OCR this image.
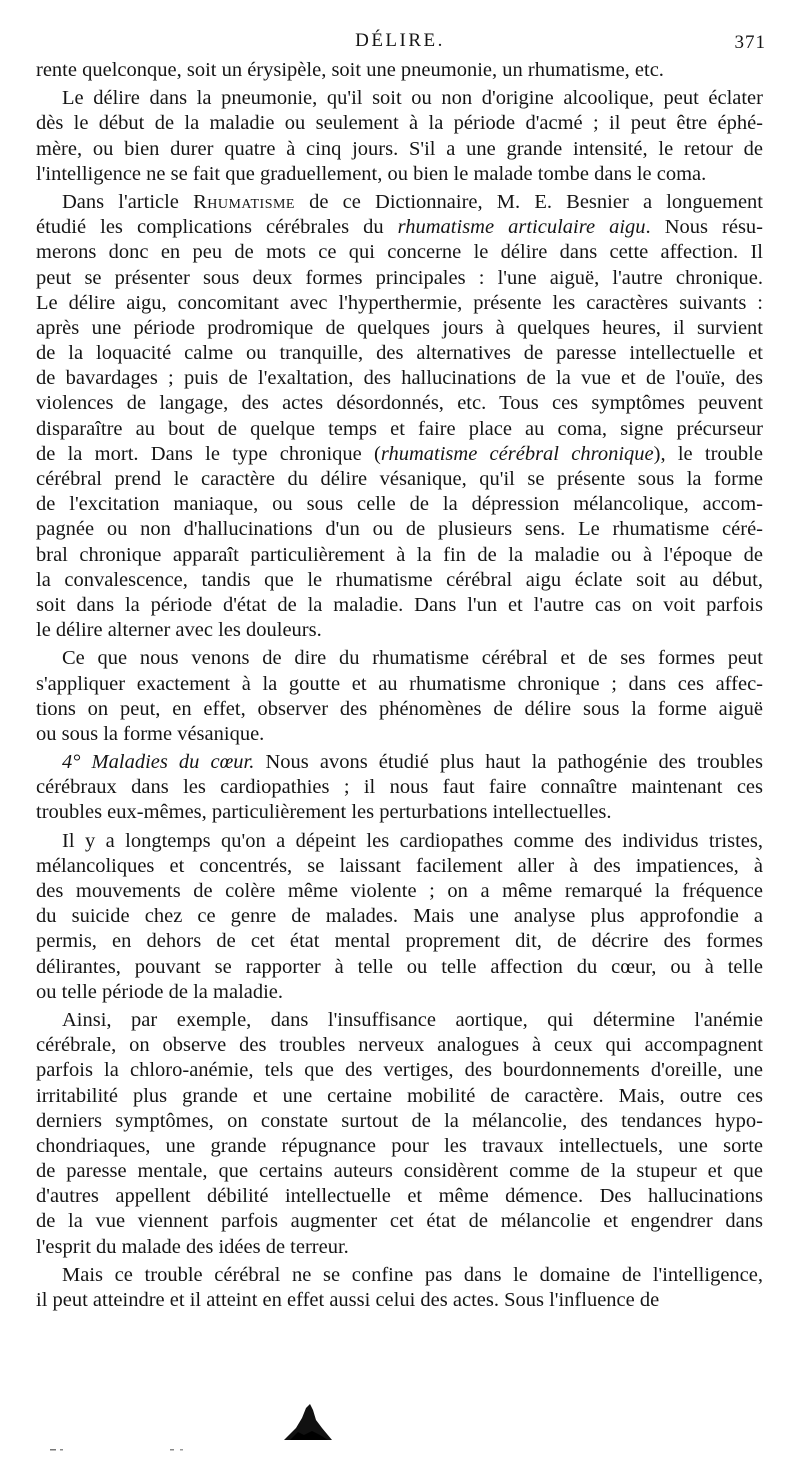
DÉLIRE.	371
rente quelconque, soit un érysipèle, soit une pneumonie, un rhumatisme, etc.
Le délire dans la pneumonie, qu'il soit ou non d'origine alcoolique, peut éclater
dès le début de la maladie ou seulement à la période d'acmé ; il peut être éphé-
mère, ou bien durer quatre à cinq jours. S'il a une grande intensité, le retour de
l'intelligence ne se fait que graduellement, ou bien le malade tombe dans le coma.
Dans l'article Rhumatisme de ce Dictionnaire, M. E. Besnier a longuement
étudié les complications cérébrales du rhumatisme articulaire aigu. Nous résu-
merons donc en peu de mots ce qui concerne le délire dans cette affection. Il
peut se présenter sous deux formes principales : l'une aiguë, l'autre chronique.
Le délire aigu, concomitant avec l'hyperthermie, présente les caractères suivants :
après une période prodromique de quelques jours à quelques heures, il survient
de la loquacité calme ou tranquille, des alternatives de paresse intellectuelle et
de bavardages ; puis de l'exaltation, des hallucinations de la vue et de l'ouïe, des
violences de langage, des actes désordonnés, etc. Tous ces symptômes peuvent
disparaître au bout de quelque temps et faire place au coma, signe précurseur
de la mort. Dans le type chronique (rhumatisme cérébral chronique), le trouble
cérébral prend le caractère du délire vésanique, qu'il se présente sous la forme
de l'excitation maniaque, ou sous celle de la dépression mélancolique, accom-
pagnée ou non d'hallucinations d'un ou de plusieurs sens. Le rhumatisme céré-
bral chronique apparaît particulièrement à la fin de la maladie ou à l'époque de
la convalescence, tandis que le rhumatisme cérébral aigu éclate soit au début,
soit dans la période d'état de la maladie. Dans l'un et l'autre cas on voit parfois
le délire alterner avec les douleurs.
Ce que nous venons de dire du rhumatisme cérébral et de ses formes peut
s'appliquer exactement à la goutte et au rhumatisme chronique ; dans ces affec-
tions on peut, en effet, observer des phénomènes de délire sous la forme aiguë
ou sous la forme vésanique.
4° Maladies du cœur. Nous avons étudié plus haut la pathogénie des troubles
cérébraux dans les cardiopathies ; il nous faut faire connaître maintenant ces
troubles eux-mêmes, particulièrement les perturbations intellectuelles.
Il y a longtemps qu'on a dépeint les cardiopathes comme des individus tristes,
mélancoliques et concentrés, se laissant facilement aller à des impatiences, à
des mouvements de colère même violente ; on a même remarqué la fréquence
du suicide chez ce genre de malades. Mais une analyse plus approfondie a
permis, en dehors de cet état mental proprement dit, de décrire des formes
délirantes, pouvant se rapporter à telle ou telle affection du cœur, ou à telle
ou telle période de la maladie.
Ainsi, par exemple, dans l'insuffisance aortique, qui détermine l'anémie
cérébrale, on observe des troubles nerveux analogues à ceux qui accompagnent
parfois la chloro-anémie, tels que des vertiges, des bourdonnements d'oreille, une
irritabilité plus grande et une certaine mobilité de caractère. Mais, outre ces
derniers symptômes, on constate surtout de la mélancolie, des tendances hypo-
chondriaques, une grande répugnance pour les travaux intellectuels, une sorte
de paresse mentale, que certains auteurs considèrent comme de la stupeur et que
d'autres appellent débilité intellectuelle et même démence. Des hallucinations
de la vue viennent parfois augmenter cet état de mélancolie et engendrer dans
l'esprit du malade des idées de terreur.
Mais ce trouble cérébral ne se confine pas dans le domaine de l'intelligence,
il peut atteindre et il atteint en effet aussi celui des actes. Sous l'influence de
